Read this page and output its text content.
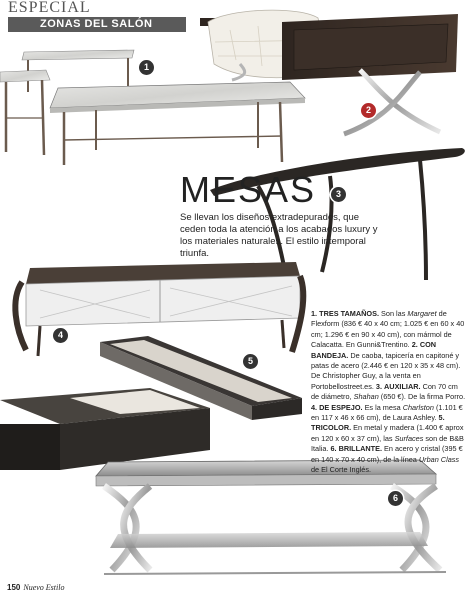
ESPECIAL
ZONAS DEL SALÓN
1
2
3
4
5
6
MESAS
Se llevan los diseños extradepurados, que ceden toda la atención a los acabados luxury y los materiales naturales. El estilo intemporal triunfa.
1. TRES TAMAÑOS. Son las Margaret de Flexform (836 € 40 x 40 cm; 1.025 € en 60 x 40 cm; 1.296 € en 90 x 40 cm), con mármol de Calacatta. En Gunni&Trentino. 2. CON BANDEJA. De caoba, tapicería en capitoné y patas de acero (2.446 € en 120 x 35 x 48 cm). De Christopher Guy, a la venta en Portobellostreet.es. 3. AUXILIAR. Con 70 cm de diámetro, Shahan (650 €). De la firma Porro. 4. DE ESPEJO. Es la mesa Charlston (1.101 € en 117 x 46 x 66 cm), de Laura Ashley. 5. TRICOLOR. En metal y madera (1.400 € aprox en 120 x 60 x 37 cm), las Surfaces son de B&B Italia. 6. BRILLANTE. En acero y cristal (395 € en 140 x 70 x 40 cm), de la línea Urban Class de El Corte Inglés.
150 Nuevo Estilo
